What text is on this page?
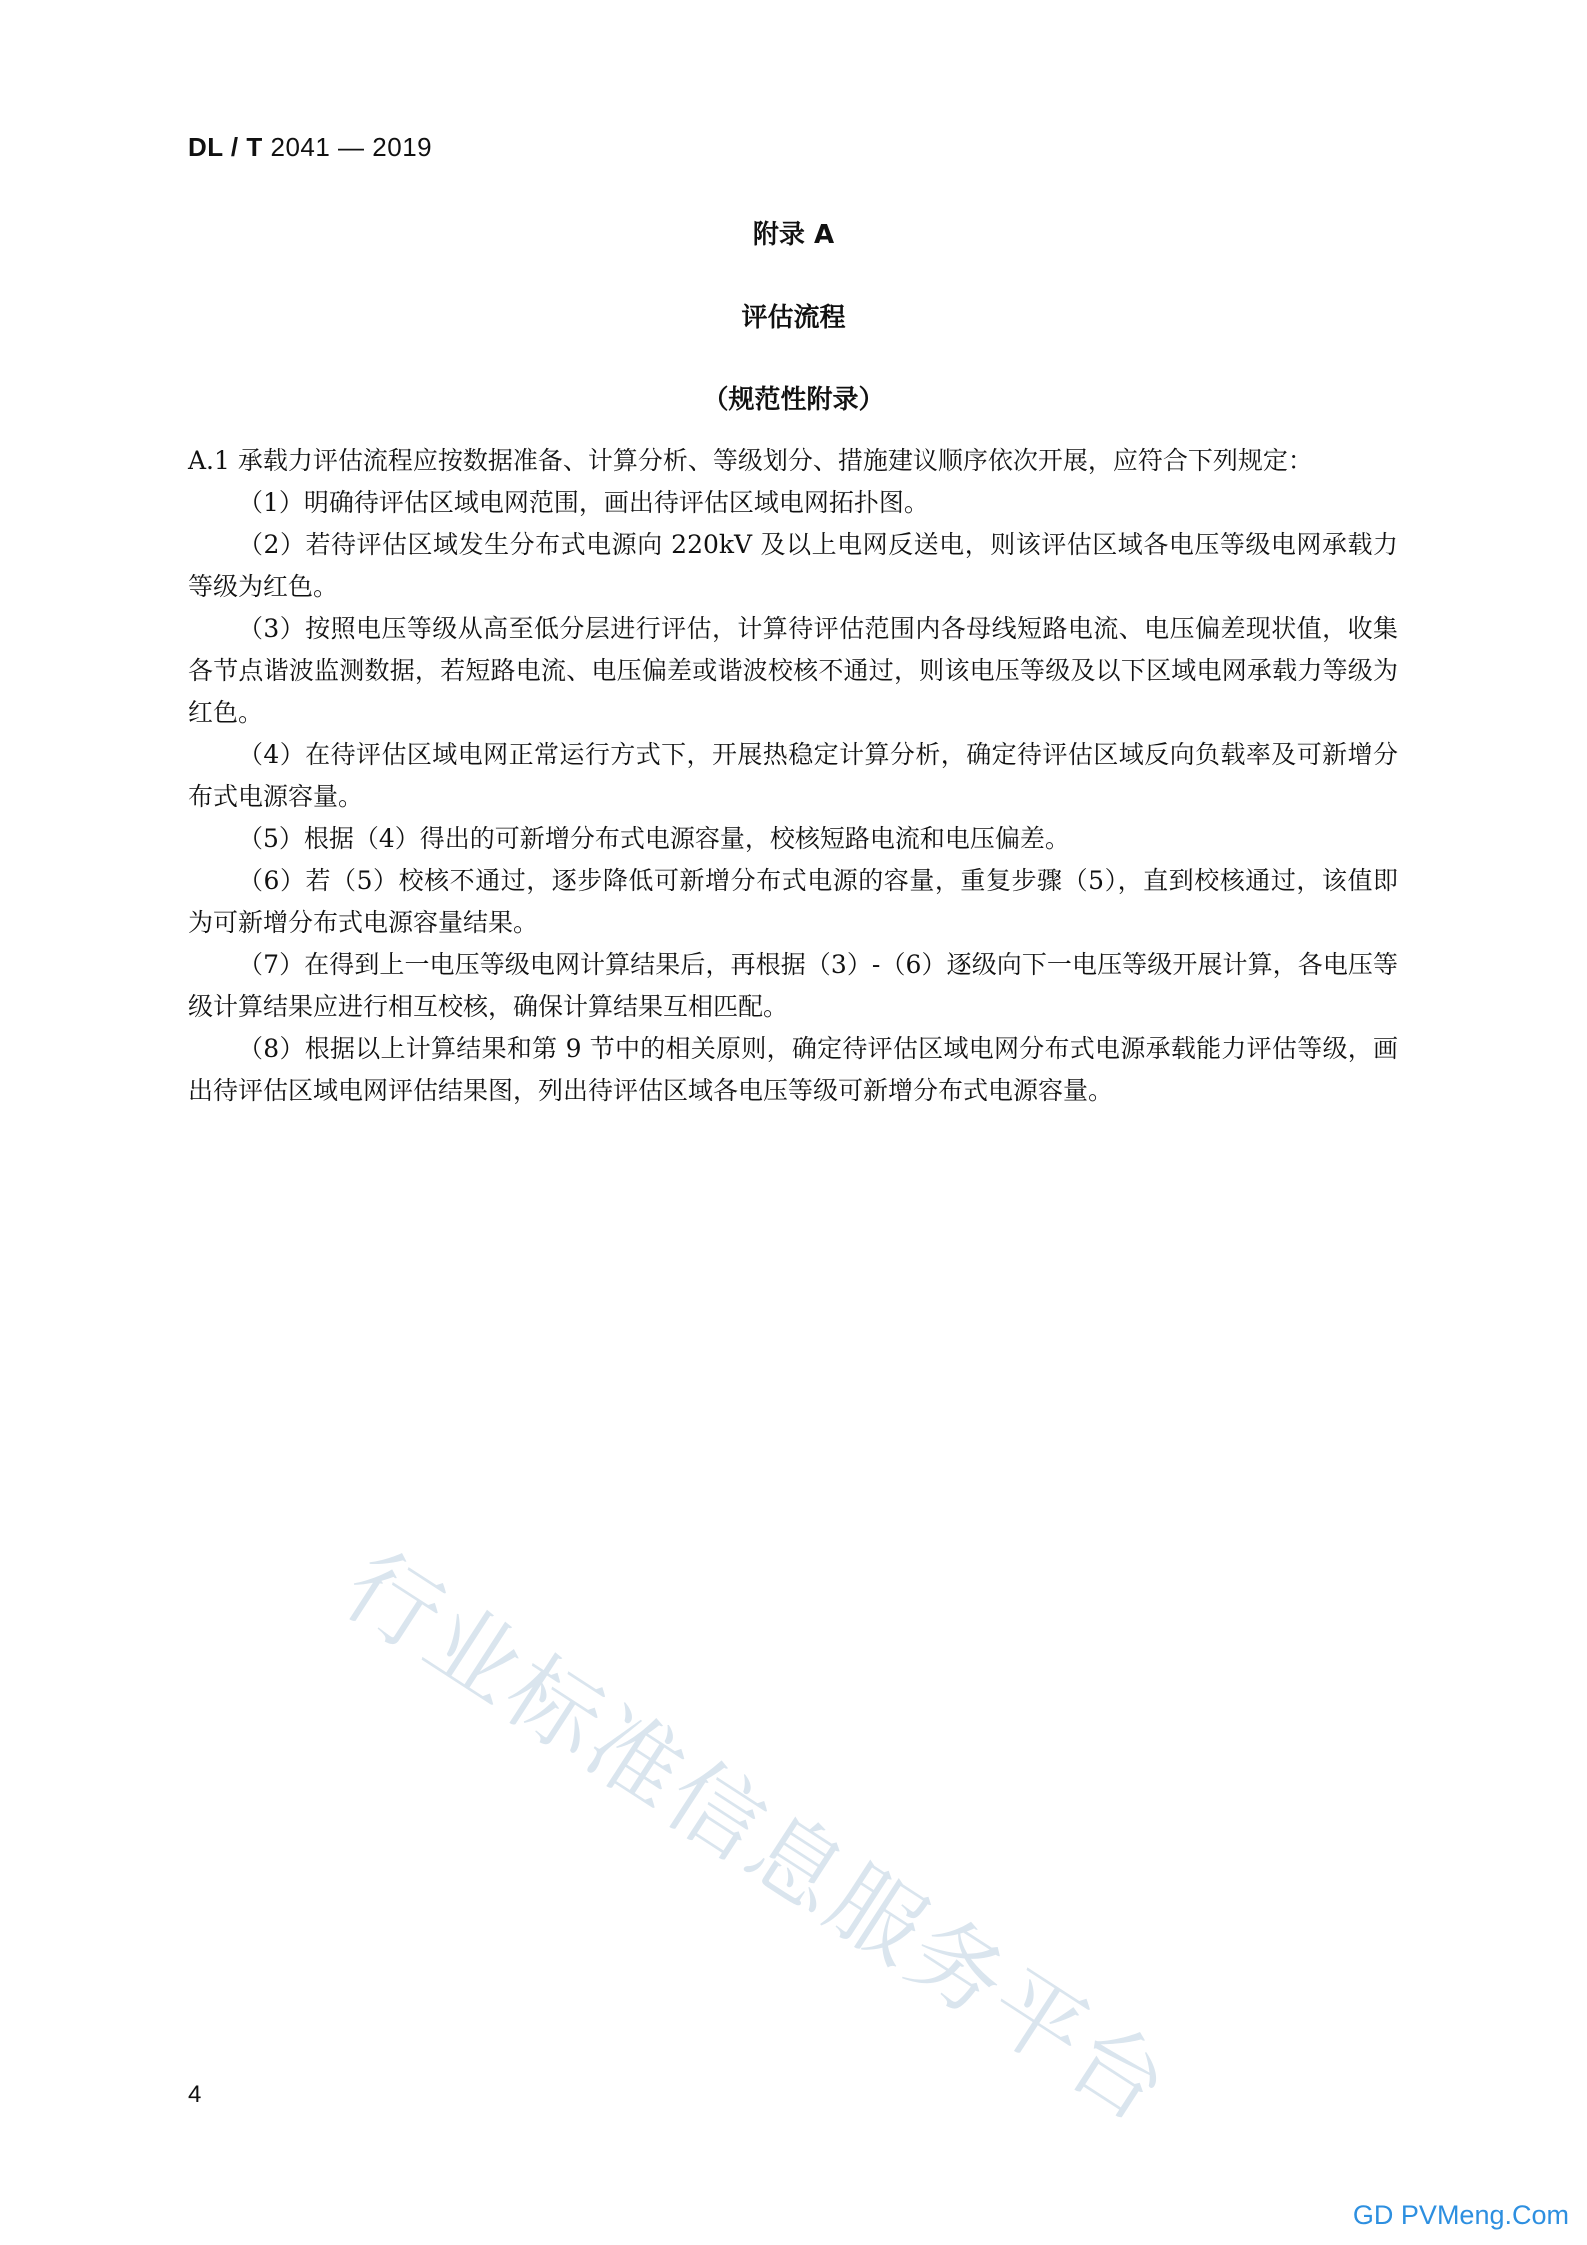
DL / T 2041 — 2019
附录 A
评估流程
（规范性附录）

A.1 承载力评估流程应按数据准备、计算分析、等级划分、措施建议顺序依次开展，应符合下列规定：

（1）明确待评估区域电网范围，画出待评估区域电网拓扑图。

（2）若待评估区域发生分布式电源向 220kV 及以上电网反送电，则该评估区域各电压等级电网承载力等级为红色。

（3）按照电压等级从高至低分层进行评估，计算待评估范围内各母线短路电流、电压偏差现状值，收集各节点谐波监测数据，若短路电流、电压偏差或谐波校核不通过，则该电压等级及以下区域电网承载力等级为红色。

（4）在待评估区域电网正常运行方式下，开展热稳定计算分析，确定待评估区域反向负载率及可新增分布式电源容量。

（5）根据（4）得出的可新增分布式电源容量，校核短路电流和电压偏差。

（6）若（5）校核不通过，逐步降低可新增分布式电源的容量，重复步骤（5），直到校核通过，该值即为可新增分布式电源容量结果。

（7）在得到上一电压等级电网计算结果后，再根据（3）-（6）逐级向下一电压等级开展计算，各电压等级计算结果应进行相互校核，确保计算结果互相匹配。

（8）根据以上计算结果和第 9 节中的相关原则，确定待评估区域电网分布式电源承载能力评估等级，画出待评估区域电网评估结果图，列出待评估区域各电压等级可新增分布式电源容量。

行业标准信息服务平台
4
GD PVMeng.Com
